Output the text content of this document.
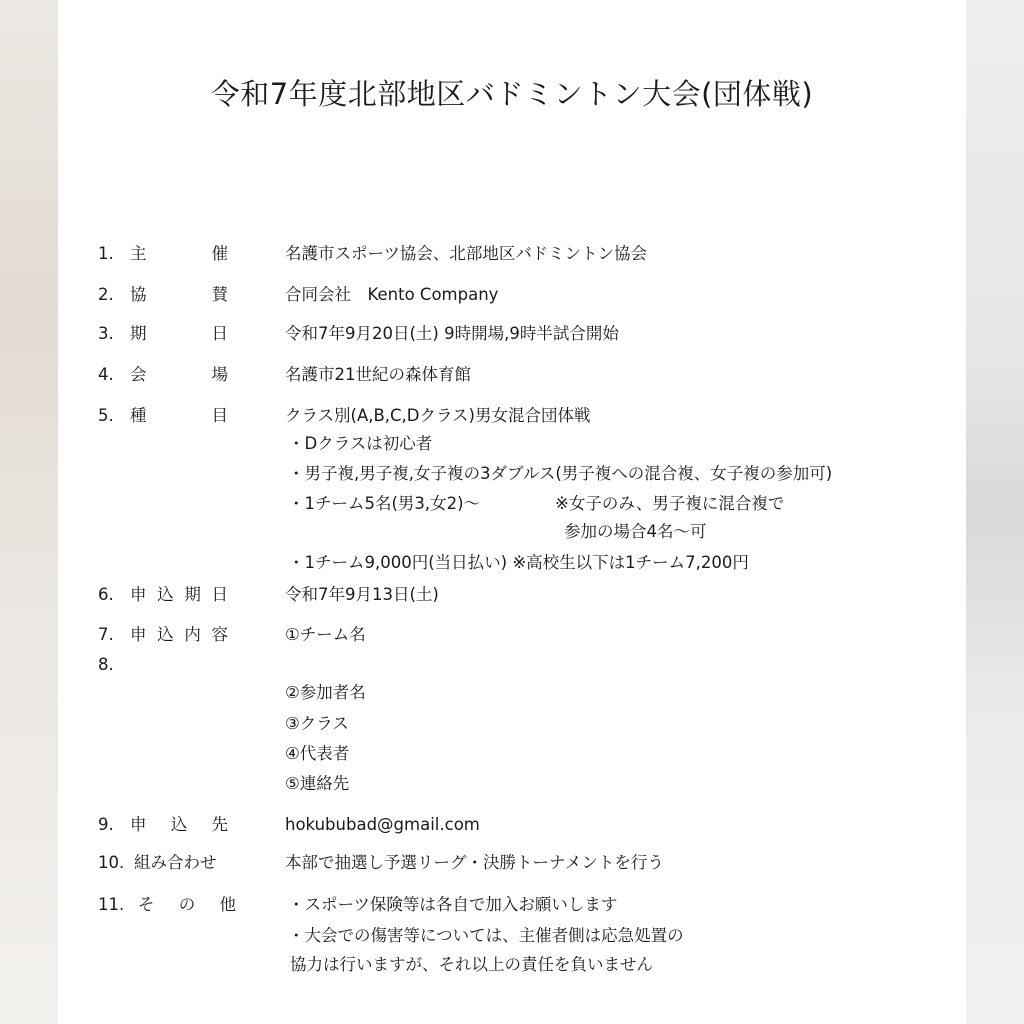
令和7年度北部地区バドミントン大会(団体戦)
1. 主	催	名護市スポーツ協会、北部地区バドミントン協会
2. 協	賛	合同会社　Kento Company
3. 期	日	令和7年9月20日(土) 9時開場,9時半試合開始
4. 会	場	名護市21世紀の森体育館
5. 種	目	クラス別(A,B,C,Dクラス)男女混合団体戦
・Dクラスは初心者
・男子複,男子複,女子複の3ダブルス(男子複への混合複、女子複の参加可)
・1チーム5名(男3,女2)〜	※女子のみ、男子複に混合複で
参加の場合4名〜可
・1チーム9,000円(当日払い) ※高校生以下は1チーム7,200円
6. 申 込 期 日	令和7年9月13日(土)
7. 申 込 内 容	①チーム名
8.
②参加者名
③クラス
④代表者
⑤連絡先
9. 申 込 先	hokububad@gmail.com
10. 組み合わせ	本部で抽選し予選リーグ・決勝トーナメントを行う
11. そ の 他	・スポーツ保険等は各自で加入お願いします
・大会での傷害等については、主催者側は応急処置の
協力は行いますが、それ以上の責任を負いません
